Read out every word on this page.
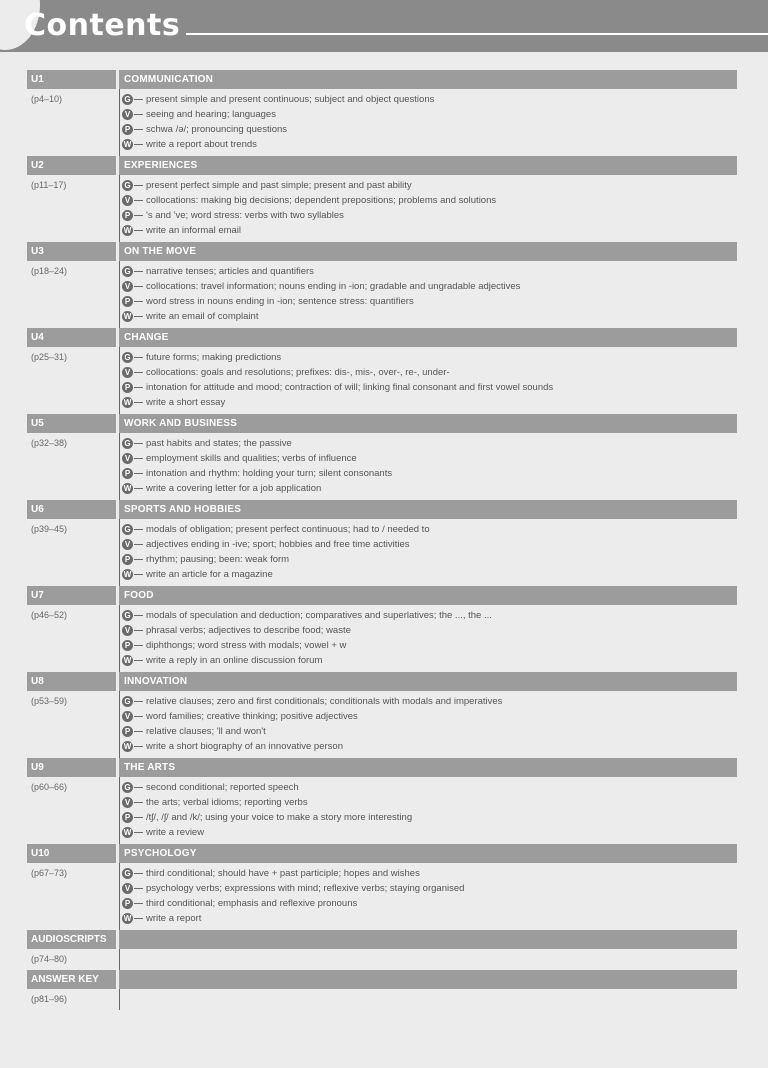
Contents
U1	COMMUNICATION
(p4–10)	G present simple and present continuous; subject and object questions
V seeing and hearing; languages
P schwa /ə/; pronouncing questions
W write a report about trends
U2	EXPERIENCES
(p11–17)	G present perfect simple and past simple; present and past ability
V collocations: making big decisions; dependent prepositions; problems and solutions
P 's and 've; word stress: verbs with two syllables
W write an informal email
U3	ON THE MOVE
(p18–24)	G narrative tenses; articles and quantifiers
V collocations: travel information; nouns ending in -ion; gradable and ungradable adjectives
P word stress in nouns ending in -ion; sentence stress: quantifiers
W write an email of complaint
U4	CHANGE
(p25–31)	G future forms; making predictions
V collocations: goals and resolutions; prefixes: dis-, mis-, over-, re-, under-
P intonation for attitude and mood; contraction of will; linking final consonant and first vowel sounds
W write a short essay
U5	WORK AND BUSINESS
(p32–38)	G past habits and states; the passive
V employment skills and qualities; verbs of influence
P intonation and rhythm: holding your turn; silent consonants
W write a covering letter for a job application
U6	SPORTS AND HOBBIES
(p39–45)	G modals of obligation; present perfect continuous; had to / needed to
V adjectives ending in -ive; sport; hobbies and free time activities
P rhythm; pausing; been: weak form
W write an article for a magazine
U7	FOOD
(p46–52)	G modals of speculation and deduction; comparatives and superlatives; the ..., the ...
V phrasal verbs; adjectives to describe food; waste
P diphthongs; word stress with modals; vowel + w
W write a reply in an online discussion forum
U8	INNOVATION
(p53–59)	G relative clauses; zero and first conditionals; conditionals with modals and imperatives
V word families; creative thinking; positive adjectives
P relative clauses; 'll and won't
W write a short biography of an innovative person
U9	THE ARTS
(p60–66)	G second conditional; reported speech
V the arts; verbal idioms; reporting verbs
P /tʃ/, /ʃ/ and /k/; using your voice to make a story more interesting
W write a review
U10	PSYCHOLOGY
(p67–73)	G third conditional; should have + past participle; hopes and wishes
V psychology verbs; expressions with mind; reflexive verbs; staying organised
P third conditional; emphasis and reflexive pronouns
W write a report
AUDIOSCRIPTS
(p74–80)
ANSWER KEY
(p81–96)
